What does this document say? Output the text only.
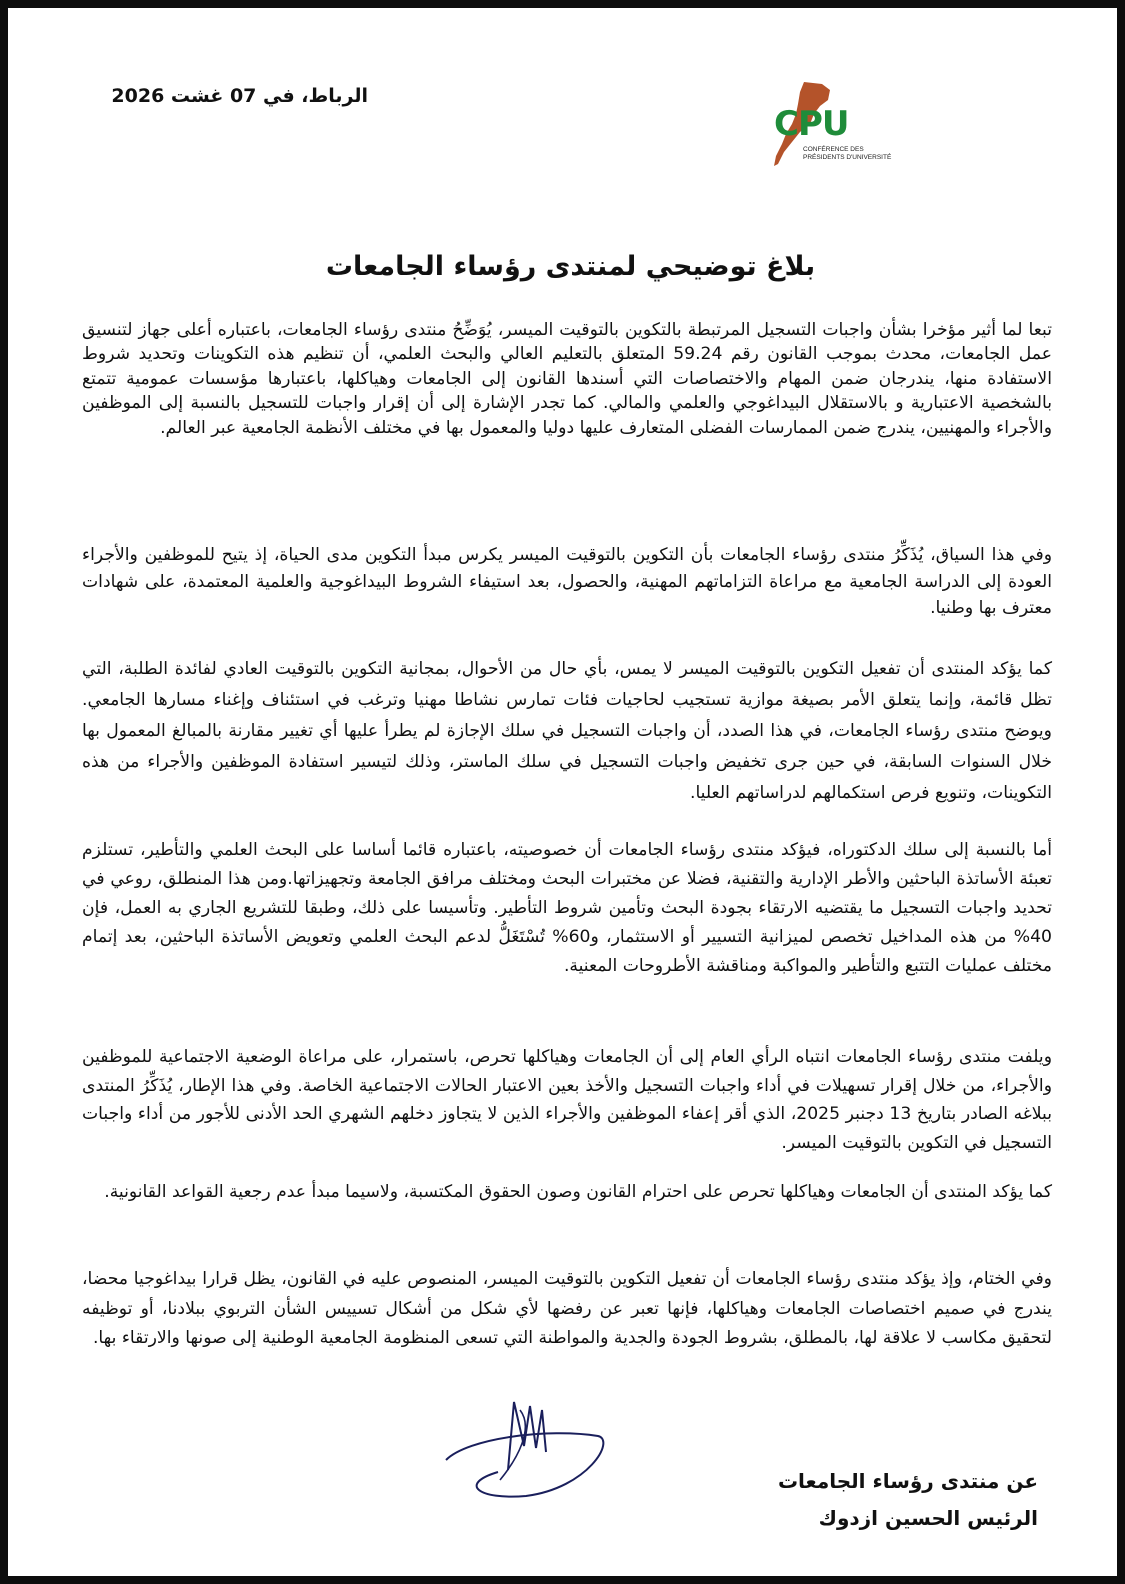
الرباط، في 07 غشت 2026
CPU
CONFÉRENCE DES PRÉSIDENTS D'UNIVERSITÉ
بلاغ توضيحي لمنتدى رؤساء الجامعات

تبعا لما أثير مؤخرا بشأن واجبات التسجيل المرتبطة بالتكوين بالتوقيت الميسر، يُوَضِّحُ منتدى رؤساء الجامعات، باعتباره أعلى جهاز لتنسيق عمل الجامعات، محدث بموجب القانون رقم 59.24 المتعلق بالتعليم العالي والبحث العلمي، أن تنظيم هذه التكوينات وتحديد شروط الاستفادة منها، يندرجان ضمن المهام والاختصاصات التي أسندها القانون إلى الجامعات وهياكلها، باعتبارها مؤسسات عمومية تتمتع بالشخصية الاعتبارية و بالاستقلال البيداغوجي والعلمي والمالي. كما تجدر الإشارة إلى أن إقرار واجبات للتسجيل بالنسبة إلى الموظفين والأجراء والمهنيين، يندرج ضمن الممارسات الفضلى المتعارف عليها دوليا والمعمول بها في مختلف الأنظمة الجامعية عبر العالم.

وفي هذا السياق، يُذَكِّرُ منتدى رؤساء الجامعات بأن التكوين بالتوقيت الميسر يكرس مبدأ التكوين مدى الحياة، إذ يتيح للموظفين والأجراء العودة إلى الدراسة الجامعية مع مراعاة التزاماتهم المهنية، والحصول، بعد استيفاء الشروط البيداغوجية والعلمية المعتمدة، على شهادات معترف بها وطنيا.

كما يؤكد المنتدى أن تفعيل التكوين بالتوقيت الميسر لا يمس، بأي حال من الأحوال، بمجانية التكوين بالتوقيت العادي لفائدة الطلبة، التي تظل قائمة، وإنما يتعلق الأمر بصيغة موازية تستجيب لحاجيات فئات تمارس نشاطا مهنيا وترغب في استئناف وإغناء مسارها الجامعي. ويوضح منتدى رؤساء الجامعات، في هذا الصدد، أن واجبات التسجيل في سلك الإجازة لم يطرأ عليها أي تغيير مقارنة بالمبالغ المعمول بها خلال السنوات السابقة، في حين جرى تخفيض واجبات التسجيل في سلك الماستر، وذلك لتيسير استفادة الموظفين والأجراء من هذه التكوينات، وتنويع فرص استكمالهم لدراساتهم العليا.

أما بالنسبة إلى سلك الدكتوراه، فيؤكد منتدى رؤساء الجامعات أن خصوصيته، باعتباره قائما أساسا على البحث العلمي والتأطير، تستلزم تعبئة الأساتذة الباحثين والأطر الإدارية والتقنية، فضلا عن مختبرات البحث ومختلف مرافق الجامعة وتجهيزاتها.ومن هذا المنطلق، روعي في تحديد واجبات التسجيل ما يقتضيه الارتقاء بجودة البحث وتأمين شروط التأطير. وتأسيسا على ذلك، وطبقا للتشريع الجاري به العمل، فإن 40% من هذه المداخيل تخصص لميزانية التسيير أو الاستثمار، و60% تُسْتَغَلُّ لدعم البحث العلمي وتعويض الأساتذة الباحثين، بعد إتمام مختلف عمليات التتبع والتأطير والمواكبة ومناقشة الأطروحات المعنية.

ويلفت منتدى رؤساء الجامعات انتباه الرأي العام إلى أن الجامعات وهياكلها تحرص، باستمرار، على مراعاة الوضعية الاجتماعية للموظفين والأجراء، من خلال إقرار تسهيلات في أداء واجبات التسجيل والأخذ بعين الاعتبار الحالات الاجتماعية الخاصة. وفي هذا الإطار، يُذَكِّرُ المنتدى ببلاغه الصادر بتاريخ 13 دجنبر 2025، الذي أقر إعفاء الموظفين والأجراء الذين لا يتجاوز دخلهم الشهري الحد الأدنى للأجور من أداء واجبات التسجيل في التكوين بالتوقيت الميسر.

كما يؤكد المنتدى أن الجامعات وهياكلها تحرص على احترام القانون وصون الحقوق المكتسبة، ولاسيما مبدأ عدم رجعية القواعد القانونية.

وفي الختام، وإذ يؤكد منتدى رؤساء الجامعات أن تفعيل التكوين بالتوقيت الميسر، المنصوص عليه في القانون، يظل قرارا بيداغوجيا محضا، يندرج في صميم اختصاصات الجامعات وهياكلها، فإنها تعبر عن رفضها لأي شكل من أشكال تسييس الشأن التربوي ببلادنا، أو توظيفه لتحقيق مكاسب لا علاقة لها، بالمطلق، بشروط الجودة والجدية والمواطنة التي تسعى المنظومة الجامعية الوطنية إلى صونها والارتقاء بها.

عن منتدى رؤساء الجامعات
الرئيس الحسين ازدوك
